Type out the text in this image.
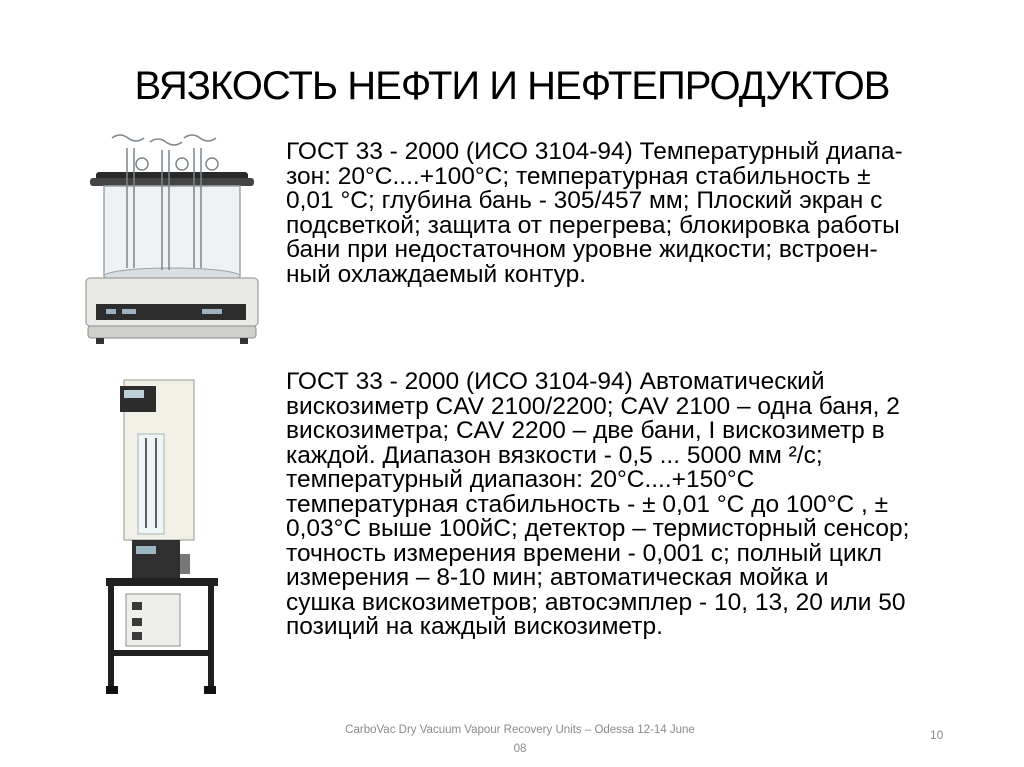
ВЯЗКОСТЬ НЕФТИ И НЕФТЕПРОДУКТОВ
ГОСТ 33 - 2000 (ИСО 3104-94) Температурный диапа-
зон: 20°С....+100°С; температурная стабильность ±
0,01 °С; глубина бань - 305/457 мм; Плоский экран с
подсветкой; защита от перегрева; блокировка работы
бани при недостаточном уровне жидкости; встроен-
ный охлаждаемый контур.
ГОСТ 33 - 2000 (ИСО 3104-94) Автоматический
вискозиметр CAV 2100/2200; CAV 2100 – одна баня, 2
вискозиметра; CAV 2200 – две бани, I вискозиметр в
каждой. Диапазон вязкости - 0,5 ... 5000 мм ²/с;
температурный диапазон: 20°С....+150°С
температурная стабильность - ± 0,01 °С до 100°С , ±
0,03°С выше 100йС; детектор – термисторный сенсор;
точность измерения времени - 0,001 с; полный цикл
измерения – 8-10 мин; автоматическая мойка и
сушка вискозиметров; автосэмплер - 10, 13, 20 или 50
позиций на каждый вискозиметр.
CarboVac Dry Vacuum Vapour Recovery Units – Odessa 12-14 June 08
10
